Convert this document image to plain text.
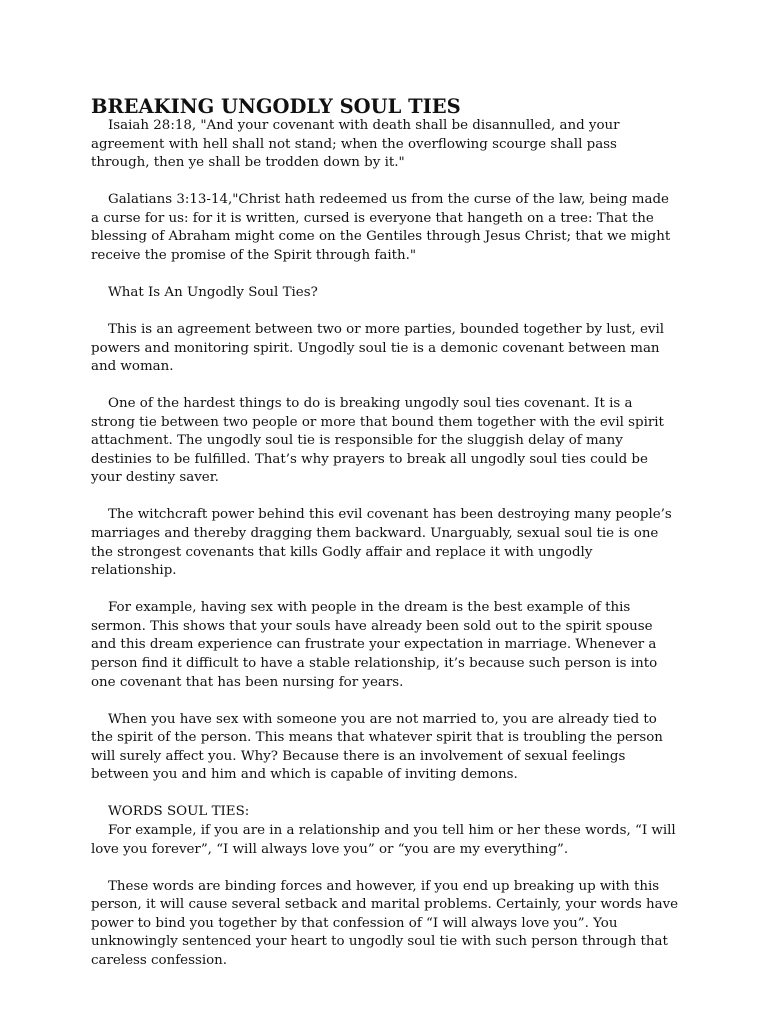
BREAKING UNGODLY SOUL TIES

Isaiah 28:18, "And your covenant with death shall be disannulled, and your agreement with hell shall not stand; when the overflowing scourge shall pass through, then ye shall be trodden down by it."

Galatians 3:13-14,"Christ hath redeemed us from the curse of the law, being made a curse for us: for it is written, cursed is everyone that hangeth on a tree: That the blessing of Abraham might come on the Gentiles through Jesus Christ; that we might receive the promise of the Spirit through faith."

What Is An Ungodly Soul Ties?

This is an agreement between two or more parties, bounded together by lust, evil powers and monitoring spirit. Ungodly soul tie is a demonic covenant between man and woman.

One of the hardest things to do is breaking ungodly soul ties covenant. It is a strong tie between two people or more that bound them together with the evil spirit attachment. The ungodly soul tie is responsible for the sluggish delay of many destinies to be fulfilled. That’s why prayers to break all ungodly soul ties could be your destiny saver.

The witchcraft power behind this evil covenant has been destroying many people’s marriages and thereby dragging them backward. Unarguably, sexual soul tie is one the strongest covenants that kills Godly affair and replace it with ungodly relationship.

For example, having sex with people in the dream is the best example of this sermon. This shows that your souls have already been sold out to the spirit spouse and this dream experience can frustrate your expectation in marriage. Whenever a person find it difficult to have a stable relationship, it’s because such person is into one covenant that has been nursing for years.

When you have sex with someone you are not married to, you are already tied to the spirit of the person. This means that whatever spirit that is troubling the person will surely affect you. Why? Because there is an involvement of sexual feelings between you and him and which is capable of inviting demons.

WORDS SOUL TIES:

For example, if you are in a relationship and you tell him or her these words, “I will love you forever”, “I will always love you” or “you are my everything”.

These words are binding forces and however, if you end up breaking up with this person, it will cause several setback and marital problems. Certainly, your words have power to bind you together by that confession of “I will always love you”. You unknowingly sentenced your heart to ungodly soul tie with such person through that careless confession.
